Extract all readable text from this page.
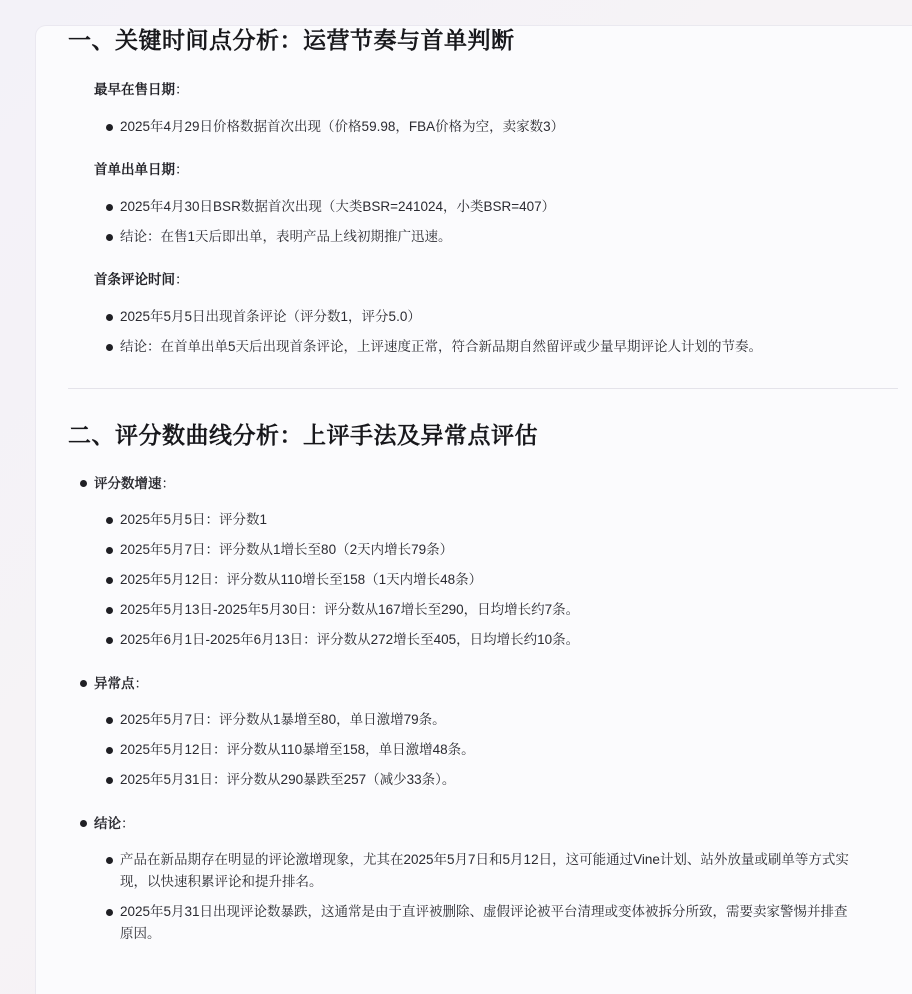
一、关键时间点分析：运营节奏与首单判断
最早在售日期：
2025年4月29日价格数据首次出现（价格59.98，FBA价格为空，卖家数3）
首单出单日期：
2025年4月30日BSR数据首次出现（大类BSR=241024，小类BSR=407）
结论：在售1天后即出单，表明产品上线初期推广迅速。
首条评论时间：
2025年5月5日出现首条评论（评分数1，评分5.0）
结论：在首单出单5天后出现首条评论，上评速度正常，符合新品期自然留评或少量早期评论人计划的节奏。
二、评分数曲线分析：上评手法及异常点评估
评分数增速：
2025年5月5日：评分数1
2025年5月7日：评分数从1增长至80（2天内增长79条）
2025年5月12日：评分数从110增长至158（1天内增长48条）
2025年5月13日-2025年5月30日：评分数从167增长至290，日均增长约7条。
2025年6月1日-2025年6月13日：评分数从272增长至405，日均增长约10条。
异常点：
2025年5月7日：评分数从1暴增至80，单日激增79条。
2025年5月12日：评分数从110暴增至158，单日激增48条。
2025年5月31日：评分数从290暴跌至257（减少33条）。
结论：
产品在新品期存在明显的评论激增现象，尤其在2025年5月7日和5月12日，这可能通过Vine计划、站外放量或刷单等方式实现，以快速积累评论和提升排名。
2025年5月31日出现评论数暴跌，这通常是由于直评被删除、虚假评论被平台清理或变体被拆分所致，需要卖家警惕并排查原因。
